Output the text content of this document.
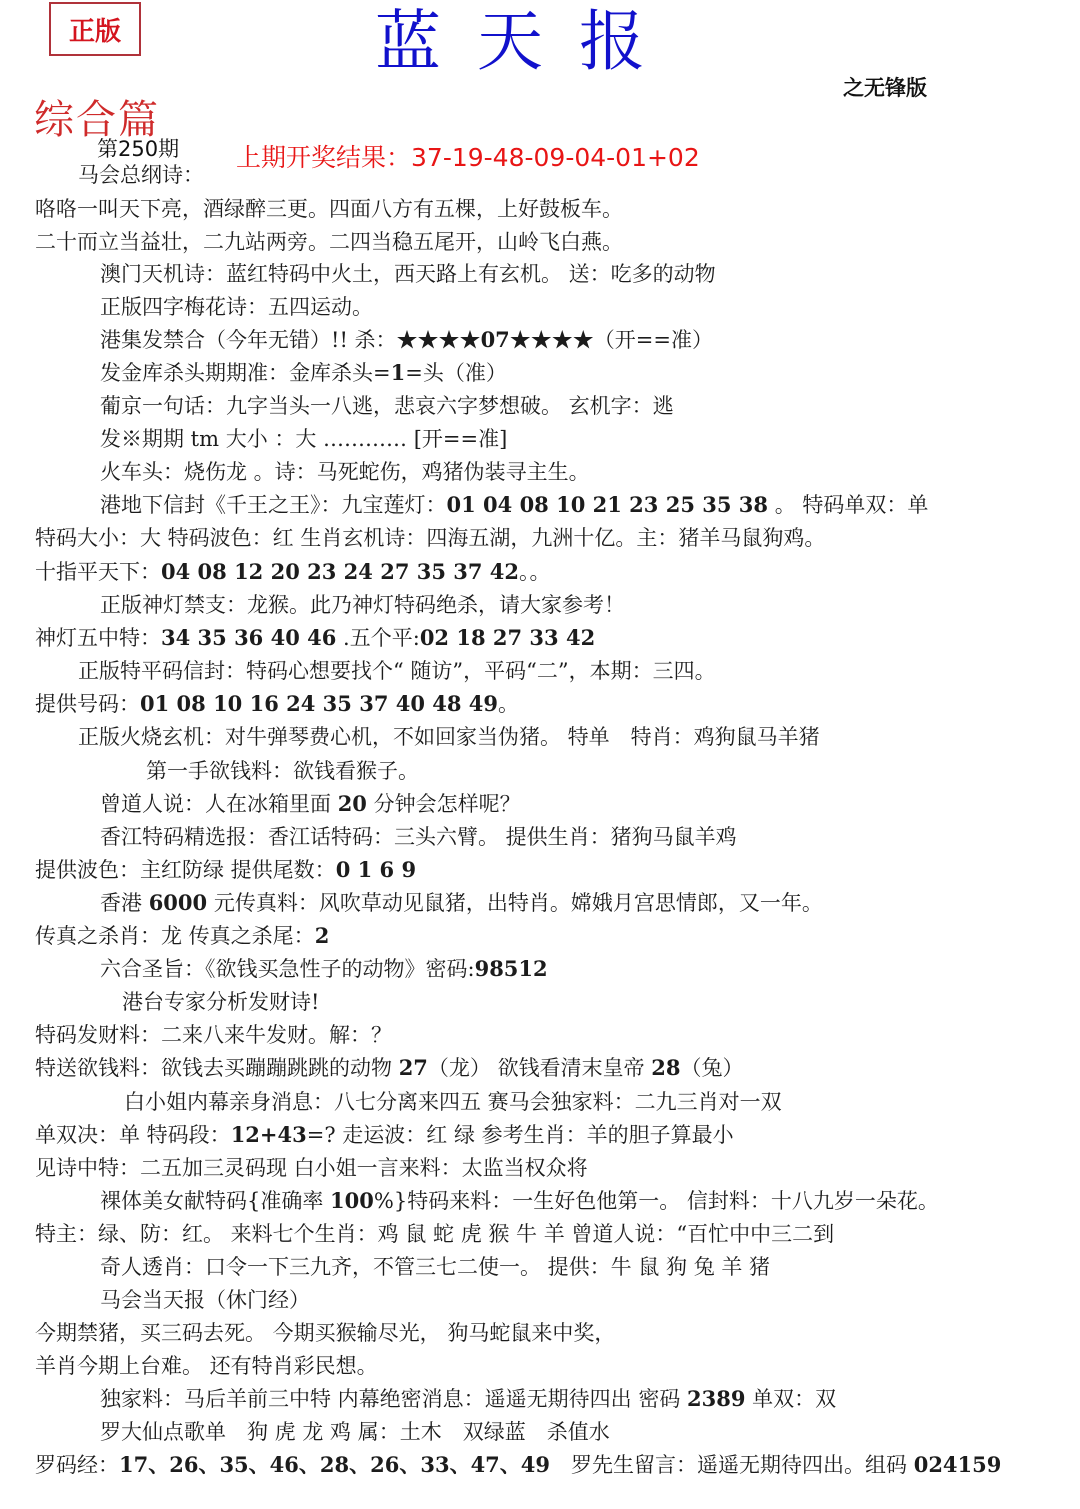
正版	蓝天报
之无锋版
综合篇
第250期 上期开奖结果：37-19-48-09-04-01+02
马会总纲诗：
咯咯一叫天下亮，酒绿醉三更。四面八方有五棵，上好鼓板车。
二十而立当益壮，二九站两旁。二四当稳五尾开，山岭飞白燕。
澳门天机诗：蓝红特码中火土，西天路上有玄机。 送：吃多的动物
正版四字梅花诗：五四运动。
港集发禁合（今年无错）!! 杀：★★★★07★★★★（开==准）
发金库杀头期期准：金库杀头=1=头（准）
葡京一句话：九字当头一八逃，悲哀六字梦想破。 玄机字：逃
发※期期 tm 大小 ：大 ………… [开==准]
火车头：烧伤龙 。诗：马死蛇伤，鸡猪伪装寻主生。
港地下信封《千王之王》：九宝莲灯：01 04 08 10 21 23 25 35 38 。 特码单双：单
特码大小：大 特码波色：红 生肖玄机诗：四海五湖，九洲十亿。主：猪羊马鼠狗鸡。
十指平天下：04 08 12 20 23 24 27 35 37 42。。
正版神灯禁支：龙猴。此乃神灯特码绝杀，请大家参考！
神灯五中特：34 35 36 40 46 .五个平:02 18 27 33 42
正版特平码信封：特码心想要找个“ 随访”，平码“二”，本期：三四。
提供号码：01 08 10 16 24 35 37 40 48 49。
正版火烧玄机：对牛弹琴费心机，不如回家当伪猪。 特单　特肖：鸡狗鼠马羊猪
第一手欲钱料：欲钱看猴子。
曾道人说：人在冰箱里面 20 分钟会怎样呢？
香江特码精选报：香江话特码：三头六臂。 提供生肖：猪狗马鼠羊鸡
提供波色：主红防绿 提供尾数：0 1 6 9
香港 6000 元传真料：风吹草动见鼠猪，出特肖。嫦娥月宫思情郎，又一年。
传真之杀肖：龙 传真之杀尾：2
六合圣旨：《欲钱买急性子的动物》密码:98512
港台专家分析发财诗!
特码发财料：二来八来牛发财。解：？
特送欲钱料：欲钱去买蹦蹦跳跳的动物 27（龙） 欲钱看清末皇帝 28（兔）
白小姐内幕亲身消息：八七分离来四五 赛马会独家料：二九三肖对一双
单双决：单 特码段：12+43=? 走运波：红 绿 参考生肖：羊的胆子算最小
见诗中特：二五加三灵码现 白小姐一言来料：太监当权众将
裸体美女献特码{准确率 100%}特码来料：一生好色他第一。 信封料：十八九岁一朵花。
特主：绿、防：红。 来料七个生肖：鸡 鼠 蛇 虎 猴 牛 羊 曾道人说：“百忙中中三二到
奇人透肖：口令一下三九齐，不管三七二使一。 提供：牛 鼠 狗 兔 羊 猪
马会当天报（休门经）
今期禁猪，买三码去死。 今期买猴输尽光， 狗马蛇鼠来中奖，
羊肖今期上台难。 还有特肖彩民想。
独家料：马后羊前三中特 内幕绝密消息：遥遥无期待四出 密码 2389 单双：双
罗大仙点歌单　狗 虎 龙 鸡 属：土木　双绿蓝　杀值水
罗码经：17、26、35、46、28、26、33、47、49　罗先生留言：遥遥无期待四出。组码 024159
